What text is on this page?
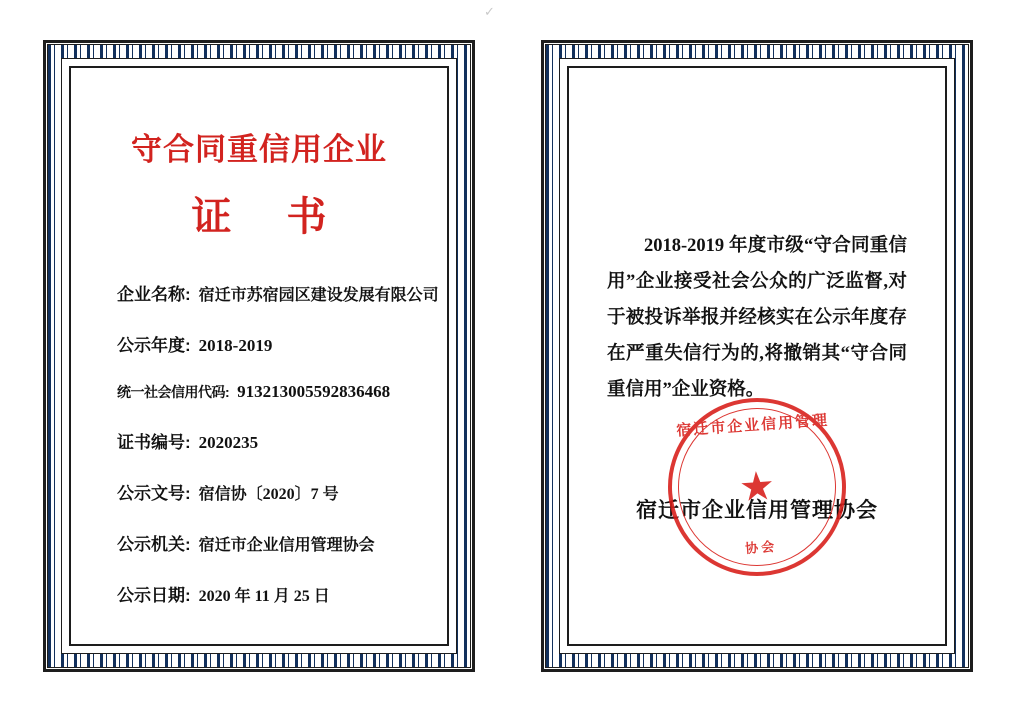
✓
守合同重信用企业
证 书
企业名称: 宿迁市苏宿园区建设发展有限公司
公示年度: 2018-2019
统一社会信用代码: 913213005592836468
证书编号: 2020235
公示文号: 宿信协〔2020〕7 号
公示机关: 宿迁市企业信用管理协会
公示日期: 2020 年 11 月 25 日
2018-2019 年度市级“守合同重信用”企业接受社会公众的广泛监督,对于被投诉举报并经核实在公示年度存在严重失信行为的,将撤销其“守合同重信用”企业资格。
宿迁市企业信用管理协会
宿迁市企业信用管理
★
协会
